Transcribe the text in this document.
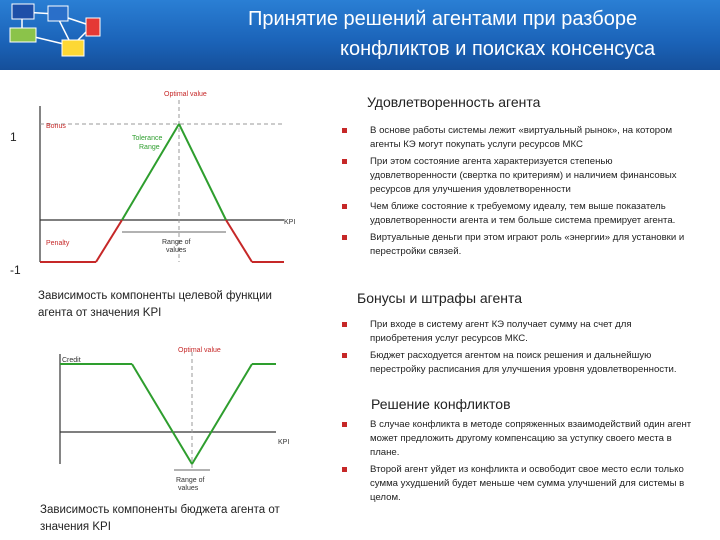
Принятие решений агентами при разборе
конфликтов и поисках консенсуса
1
-1
Optimal value
Bonus
Tolerance
Range
Penalty	Range of
values
KPI
Зависимость компоненты целевой функции агента от значения KPI
Optimal value
Credit
KPI
Range of
values
Зависимость компоненты бюджета агента от значения KPI
Удовлетворенность агента
В основе работы системы лежит «виртуальный рынок», на котором агенты КЭ могут покупать услуги ресурсов МКС
При этом состояние агента характеризуется степенью удовлетворенности (свертка по критериям) и наличием финансовых ресурсов для улучшения удовлетворенности
Чем ближе состояние к требуемому идеалу, тем выше показатель удовлетворенности агента и тем больше система премирует агента.
Виртуальные деньги при этом играют роль «энергии» для установки и перестройки связей.
Бонусы и штрафы агента
При входе в систему агент КЭ получает сумму на счет для приобретения услуг ресурсов МКС.
Бюджет расходуется агентом на поиск решения и дальнейшую перестройку расписания для улучшения уровня удовлетворенности.
Решение конфликтов
В случае конфликта в методе сопряженных взаимодействий один агент может предложить другому компенсацию за уступку своего места в плане.
Второй агент уйдет из конфликта и освободит свое место если только сумма ухудшений будет меньше чем сумма улучшений для системы в целом.
